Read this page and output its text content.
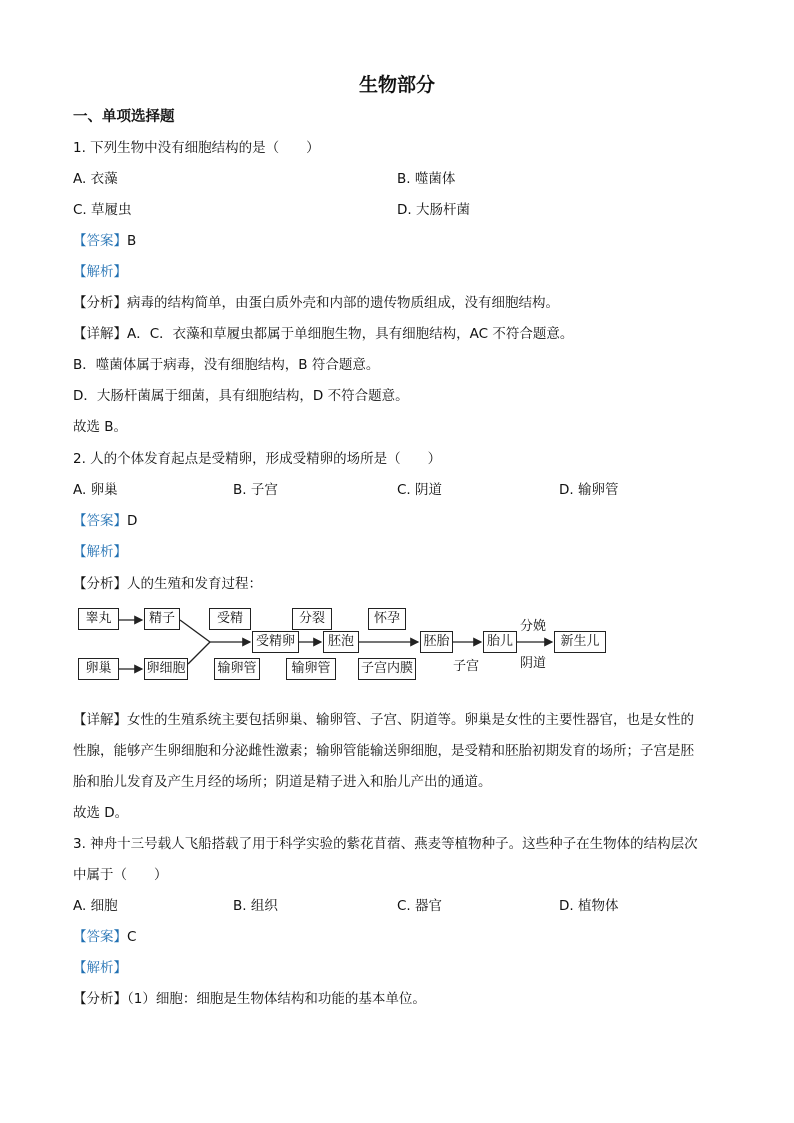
生物部分
一、单项选择题
1. 下列生物中没有细胞结构的是（　　）
A. 衣藻	B. 噬菌体
C. 草履虫	D. 大肠杆菌
【答案】B
【解析】
【分析】病毒的结构简单，由蛋白质外壳和内部的遗传物质组成，没有细胞结构。
【详解】A．C．衣藻和草履虫都属于单细胞生物，具有细胞结构，AC 不符合题意。
B．噬菌体属于病毒，没有细胞结构，B 符合题意。
D．大肠杆菌属于细菌，具有细胞结构，D 不符合题意。
故选 B。
2. 人的个体发育起点是受精卵，形成受精卵的场所是（　　）
A. 卵巢	B. 子宫	C. 阴道	D. 输卵管
【答案】D
【解析】
【分析】人的生殖和发育过程：
睾丸	精子
卵巢	卵细胞
受精
输卵管
受精卵
分裂
输卵管
胚泡
怀孕
子宫内膜
胚胎
子宫
胎儿
分娩
阴道
新生儿
【详解】女性的生殖系统主要包括卵巢、输卵管、子宫、阴道等。卵巢是女性的主要性器官，也是女性的
性腺，能够产生卵细胞和分泌雌性激素；输卵管能输送卵细胞，是受精和胚胎初期发育的场所；子宫是胚
胎和胎儿发育及产生月经的场所；阴道是精子进入和胎儿产出的通道。
故选 D。
3. 神舟十三号载人飞船搭载了用于科学实验的紫花苜蓿、燕麦等植物种子。这些种子在生物体的结构层次
中属于（　　）
A. 细胞	B. 组织	C. 器官	D. 植物体
【答案】C
【解析】
【分析】（1）细胞：细胞是生物体结构和功能的基本单位。
